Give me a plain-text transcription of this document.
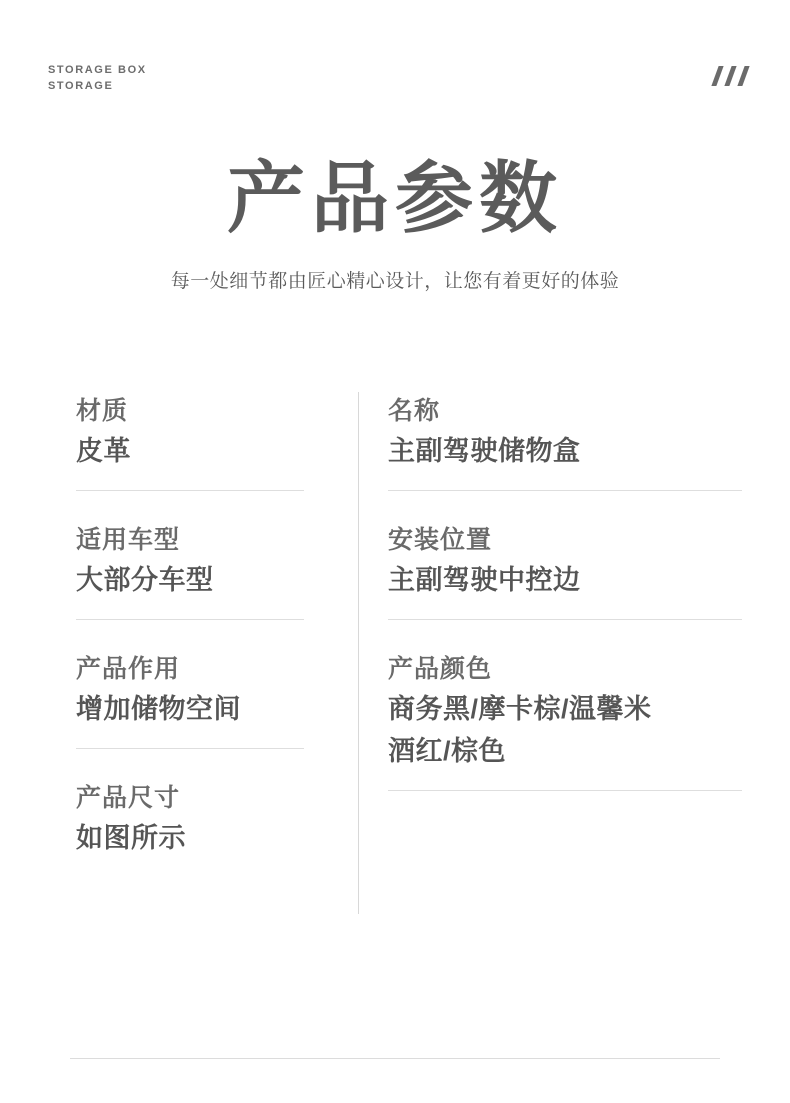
STORAGE BOX
STORAGE
产品参数
每一处细节都由匠心精心设计，让您有着更好的体验
材质
皮革
适用车型
大部分车型
产品作用
增加储物空间
产品尺寸
如图所示
名称
主副驾驶储物盒
安装位置
主副驾驶中控边
产品颜色
商务黑/摩卡棕/温馨米
酒红/棕色
